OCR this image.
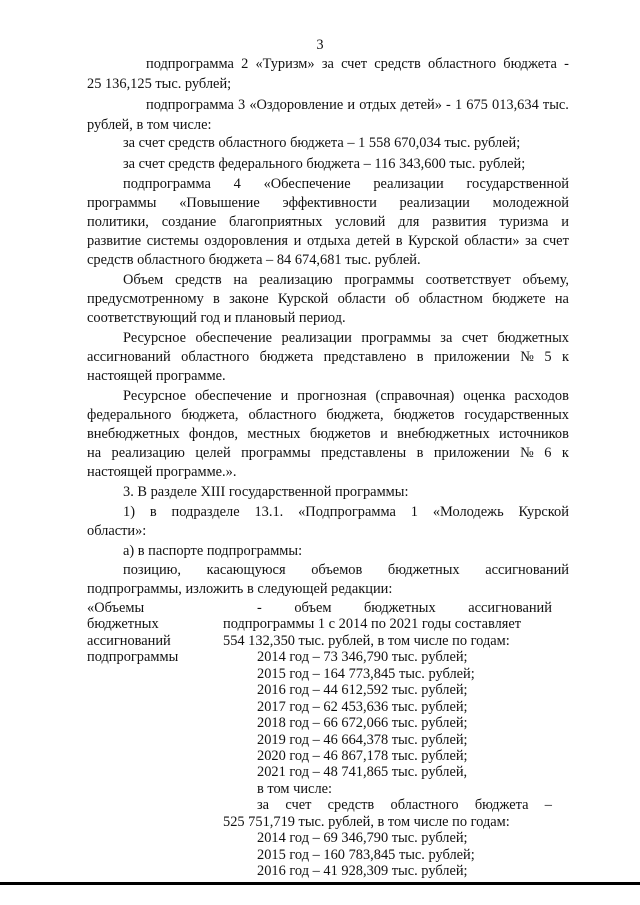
3
подпрограмма 2 «Туризм» за счет средств областного бюджета -
25 136,125 тыс. рублей;
подпрограмма 3 «Оздоровление и отдых детей» - 1 675 013,634 тыс.
рублей, в том числе:
за счет средств областного бюджета – 1 558 670,034 тыс. рублей;
за счет средств федерального бюджета – 116 343,600 тыс. рублей;
подпрограмма 4 «Обеспечение реализации государственной
программы «Повышение эффективности реализации молодежной
политики, создание благоприятных условий для развития туризма и
развитие системы оздоровления и отдыха детей в Курской области» за счет
средств областного бюджета – 84 674,681 тыс. рублей.
Объем средств на реализацию программы соответствует объему,
предусмотренному в законе Курской области об областном бюджете на
соответствующий год и плановый период.
Ресурсное обеспечение реализации программы за счет бюджетных
ассигнований областного бюджета представлено в приложении № 5 к
настоящей программе.
Ресурсное обеспечение и прогнозная (справочная) оценка расходов
федерального бюджета, областного бюджета, бюджетов государственных
внебюджетных фондов, местных бюджетов и внебюджетных источников
на реализацию целей программы представлены в приложении № 6 к
настоящей программе.».
3. В разделе XIII государственной программы:
1) в подразделе 13.1. «Подпрограмма 1 «Молодежь Курской
области»:
а) в паспорте подпрограммы:
позицию, касающуюся объемов бюджетных ассигнований
подпрограммы, изложить в следующей редакции:
«Объемы
бюджетных
ассигнований
подпрограммы
- объем бюджетных ассигнований
подпрограммы 1 с 2014 по 2021 годы составляет
554 132,350 тыс. рублей, в том числе по годам:
2014 год – 73 346,790 тыс. рублей;
2015 год – 164 773,845 тыс. рублей;
2016 год – 44 612,592 тыс. рублей;
2017 год – 62 453,636 тыс. рублей;
2018 год – 66 672,066 тыс. рублей;
2019 год – 46 664,378 тыс. рублей;
2020 год – 46 867,178 тыс. рублей;
2021 год – 48 741,865 тыс. рублей,
в том числе:
за счет средств областного бюджета –
525 751,719 тыс. рублей, в том числе по годам:
2014 год – 69 346,790 тыс. рублей;
2015 год – 160 783,845 тыс. рублей;
2016 год – 41 928,309 тыс. рублей;
